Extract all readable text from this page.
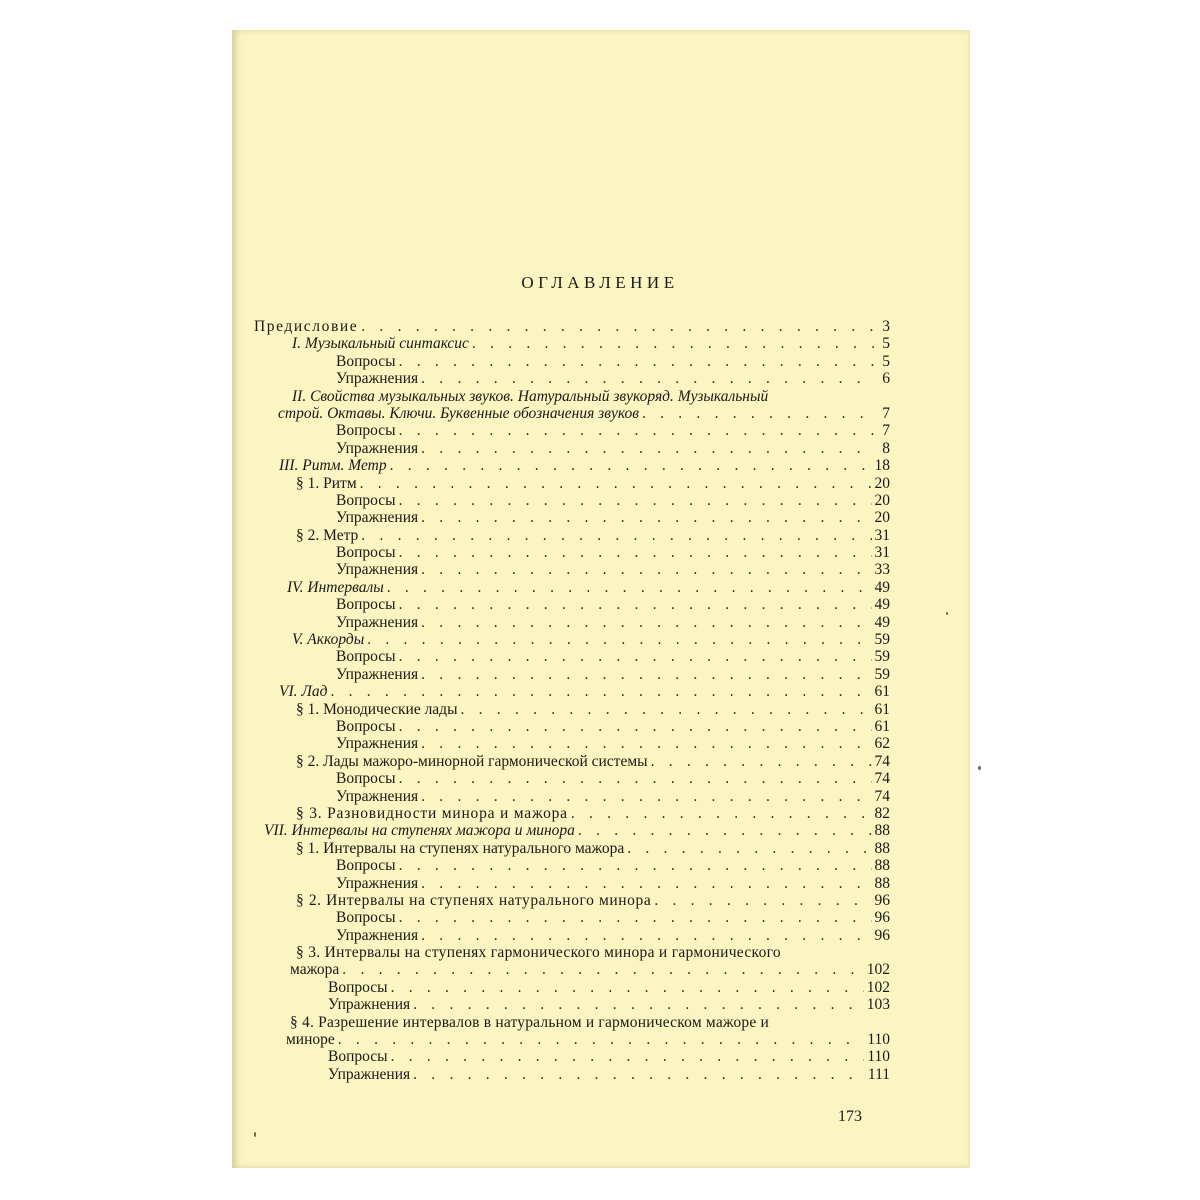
ОГЛАВЛЕНИЕ
Предисловие . . .	3
I. Музыкальный синтаксис . . .	5
Вопросы . . .	5
Упражнения . . .	6
II. Свойства музыкальных звуков. Натуральный звукоряд. Музыкальный
строй. Октавы. Ключи. Буквенные обозначения звуков . . .	7
Вопросы . . .	7
Упражнения . . .	8
III. Ритм. Метр . . .	18
§ 1. Ритм . . .	20
Вопросы . . .	20
Упражнения . . .	20
§ 2. Метр . . .	31
Вопросы . . .	31
Упражнения . . .	33
IV. Интервалы . . .	49
Вопросы . . .	49
Упражнения . . .	49
V. Аккорды . . .	59
Вопросы . . .	59
Упражнения . . .	59
VI. Лад . . .	61
§ 1. Монодические лады . . .	61
Вопросы . . .	61
Упражнения . . .	62
§ 2. Лады мажоро-минорной гармонической системы . . .	74
Вопросы . . .	74
Упражнения . . .	74
§ 3. Разновидности минора и мажора . . .	82
VII. Интервалы на ступенях мажора и минора . . .	88
§ 1. Интервалы на ступенях натурального мажора . . .	88
Вопросы . . .	88
Упражнения . . .	88
§ 2. Интервалы на ступенях натурального минора . . .	96
Вопросы . . .	96
Упражнения . . .	96
§ 3. Интервалы на ступенях гармонического минора и гармонического
мажора . . .	102
Вопросы . . .	102
Упражнения . . .	103
§ 4. Разрешение интервалов в натуральном и гармоническом мажоре и
миноре . . .	110
Вопросы . . .	110
Упражнения . . .	111
173
